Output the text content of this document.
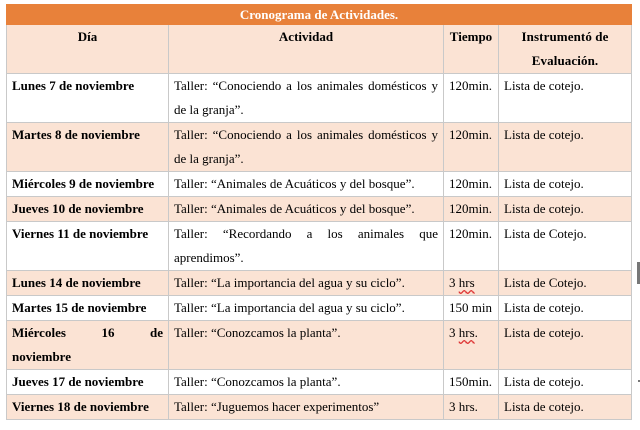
Cronograma de Actividades.			
Día	Actividad	Tiempo	Instrumentó de
Evaluación.
Lunes 7 de noviembre	Taller: “Conociendo a los animales domésticos y de la granja”.	120min.	Lista de cotejo.
Martes 8 de noviembre	Taller: “Conociendo a los animales domésticos y de la granja”.	120min.	Lista de cotejo.
Miércoles 9 de noviembre	Taller: “Animales de Acuáticos y del bosque”.	120min.	Lista de cotejo.
Jueves 10 de noviembre	Taller: “Animales de Acuáticos y del bosque”.	120min.	Lista de cotejo.
Viernes 11 de noviembre	Taller: “Recordando a los animales que aprendimos”.	120min.	Lista de Cotejo.
Lunes 14 de noviembre	Taller: “La importancia del agua y su ciclo”.	3 hrs	Lista de Cotejo.
Martes 15 de noviembre	Taller: “La importancia del agua y su ciclo”.	150 min	Lista de cotejo.
Miércoles 16 de
noviembre	Taller: “Conozcamos la planta”.	3 hrs.	Lista de cotejo.
Jueves 17 de noviembre	Taller: “Conozcamos la planta”.	150min.	Lista de cotejo.
Viernes 18 de noviembre	Taller: “Juguemos hacer experimentos”	3 hrs.	Lista de cotejo.
